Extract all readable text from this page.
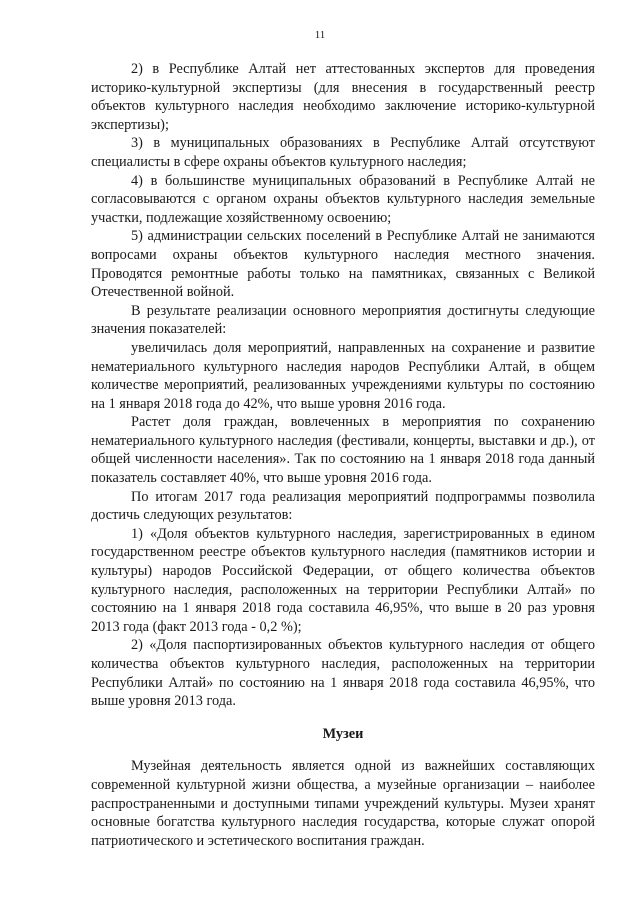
11

2) в Республике Алтай нет аттестованных экспертов для проведения историко-культурной экспертизы (для внесения в государственный реестр объектов культурного наследия необходимо заключение историко-культурной экспертизы);

3) в муниципальных образованиях в Республике Алтай отсутствуют специалисты в сфере охраны объектов культурного наследия;

4) в большинстве муниципальных образований в Республике Алтай не согласовываются с органом охраны объектов культурного наследия земельные участки, подлежащие хозяйственному освоению;

5) администрации сельских поселений в Республике Алтай не занимаются вопросами охраны объектов культурного наследия местного значения. Проводятся ремонтные работы только на памятниках, связанных с Великой Отечественной войной.

В результате реализации основного мероприятия достигнуты следующие значения показателей:

увеличилась доля мероприятий, направленных на сохранение и развитие нематериального культурного наследия народов Республики Алтай, в общем количестве мероприятий, реализованных учреждениями культуры по состоянию на 1 января 2018 года до 42%, что выше уровня 2016 года.

Растет доля граждан, вовлеченных в мероприятия по сохранению нематериального культурного наследия (фестивали, концерты, выставки и др.), от общей численности населения». Так по состоянию на 1 января 2018 года данный показатель составляет 40%, что выше уровня 2016 года.

По итогам 2017 года реализация мероприятий подпрограммы позволила достичь следующих результатов:

1) «Доля объектов культурного наследия, зарегистрированных в едином государственном реестре объектов культурного наследия (памятников истории и культуры) народов Российской Федерации, от общего количества объектов культурного наследия, расположенных на территории Республики Алтай» по состоянию на 1 января 2018 года составила 46,95%, что выше в 20 раз уровня 2013 года (факт 2013 года - 0,2 %);

2) «Доля паспортизированных объектов культурного наследия от общего количества объектов культурного наследия, расположенных на территории Республики Алтай» по состоянию на 1 января 2018 года составила 46,95%, что выше уровня 2013 года.

Музеи

Музейная деятельность является одной из важнейших составляющих современной культурной жизни общества, а музейные организации – наиболее распространенными и доступными типами учреждений культуры. Музеи хранят основные богатства культурного наследия государства, которые служат опорой патриотического и эстетического воспитания граждан.
